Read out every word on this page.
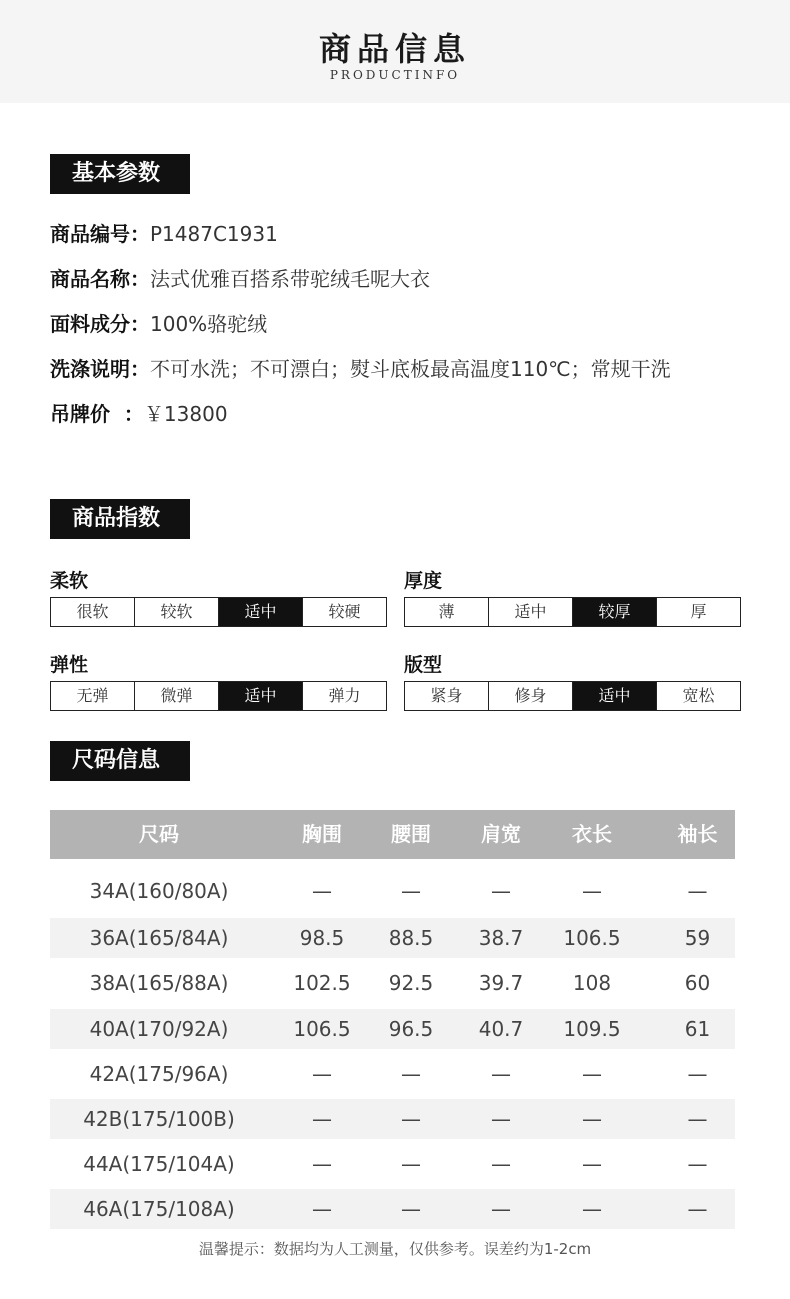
商品信息
PRODUCTINFO
基本参数
商品编号：P1487C1931
商品名称：法式优雅百搭系带驼绒毛呢大衣
面料成分：100%骆驼绒
洗涤说明：不可水洗；不可漂白；熨斗底板最高温度110℃；常规干洗
吊牌价  ：￥13800
商品指数
柔软
很软	较软	适中	较硬
厚度
薄	适中	较厚	厚
弹性
无弹	微弹	适中	弹力
版型
紧身	修身	适中	宽松
尺码信息
尺码	胸围	腰围	肩宽	衣长	袖长
34A(160/80A)	—	—	—	—	—
36A(165/84A)	98.5	88.5	38.7	106.5	59
38A(165/88A)	102.5	92.5	39.7	108	60
40A(170/92A)	106.5	96.5	40.7	109.5	61
42A(175/96A)	—	—	—	—	—
42B(175/100B)	—	—	—	—	—
44A(175/104A)	—	—	—	—	—
46A(175/108A)	—	—	—	—	—
温馨提示：数据均为人工测量，仅供参考。误差约为1-2cm
